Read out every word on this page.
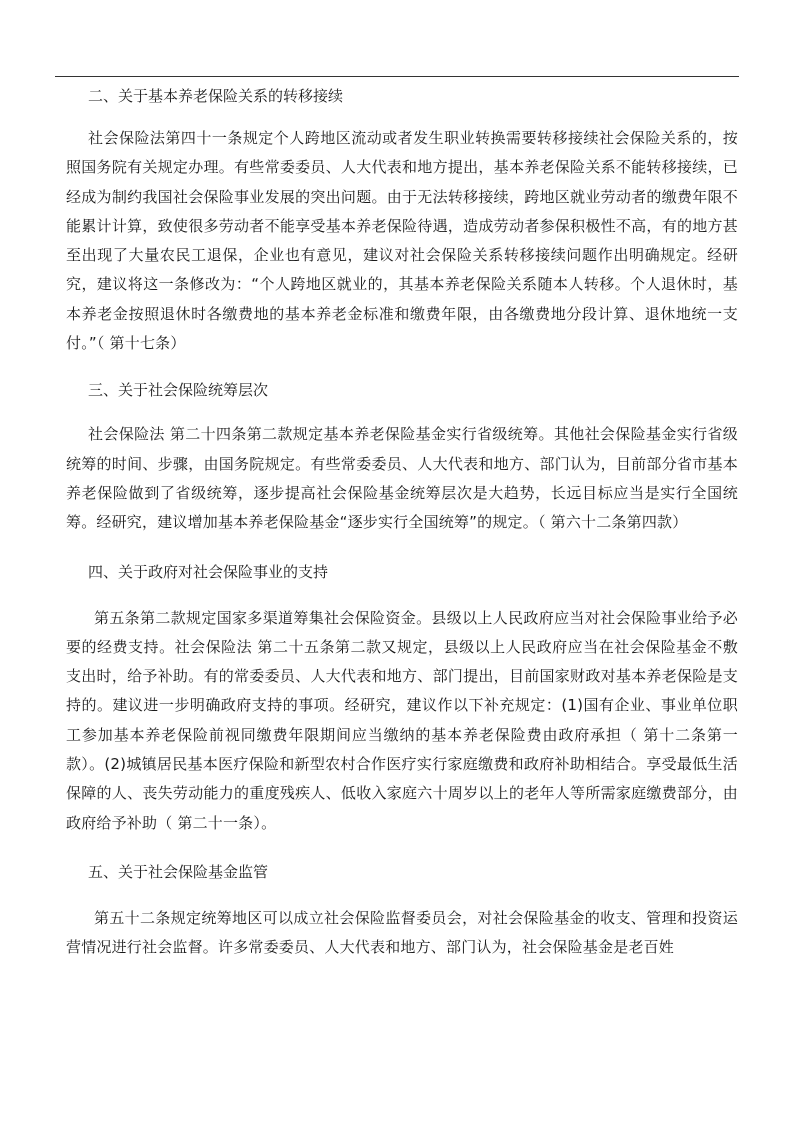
二、关于基本养老保险关系的转移接续

社会保险法第四十一条规定个人跨地区流动或者发生职业转换需要转移接续社会保险关系的，按照国务院有关规定办理。有些常委委员、人大代表和地方提出，基本养老保险关系不能转移接续，已经成为制约我国社会保险事业发展的突出问题。由于无法转移接续，跨地区就业劳动者的缴费年限不能累计计算，致使很多劳动者不能享受基本养老保险待遇，造成劳动者参保积极性不高，有的地方甚至出现了大量农民工退保，企业也有意见，建议对社会保险关系转移接续问题作出明确规定。经研究，建议将这一条修改为：“个人跨地区就业的，其基本养老保险关系随本人转移。个人退休时，基本养老金按照退休时各缴费地的基本养老金标准和缴费年限，由各缴费地分段计算、退休地统一支付。”（ 第十七条）

三、关于社会保险统筹层次

社会保险法 第二十四条第二款规定基本养老保险基金实行省级统筹。其他社会保险基金实行省级统筹的时间、步骤，由国务院规定。有些常委委员、人大代表和地方、部门认为，目前部分省市基本养老保险做到了省级统筹，逐步提高社会保险基金统筹层次是大趋势，长远目标应当是实行全国统筹。经研究，建议增加基本养老保险基金“逐步实行全国统筹”的规定。（ 第六十二条第四款）

四、关于政府对社会保险事业的支持

第五条第二款规定国家多渠道筹集社会保险资金。县级以上人民政府应当对社会保险事业给予必要的经费支持。社会保险法 第二十五条第二款又规定，县级以上人民政府应当在社会保险基金不敷支出时，给予补助。有的常委委员、人大代表和地方、部门提出，目前国家财政对基本养老保险是支持的。建议进一步明确政府支持的事项。经研究，建议作以下补充规定：(1)国有企业、事业单位职工参加基本养老保险前视同缴费年限期间应当缴纳的基本养老保险费由政府承担（ 第十二条第一款）。(2)城镇居民基本医疗保险和新型农村合作医疗实行家庭缴费和政府补助相结合。享受最低生活保障的人、丧失劳动能力的重度残疾人、低收入家庭六十周岁以上的老年人等所需家庭缴费部分，由政府给予补助（ 第二十一条）。

五、关于社会保险基金监管

第五十二条规定统筹地区可以成立社会保险监督委员会，对社会保险基金的收支、管理和投资运营情况进行社会监督。许多常委委员、人大代表和地方、部门认为，社会保险基金是老百姓
